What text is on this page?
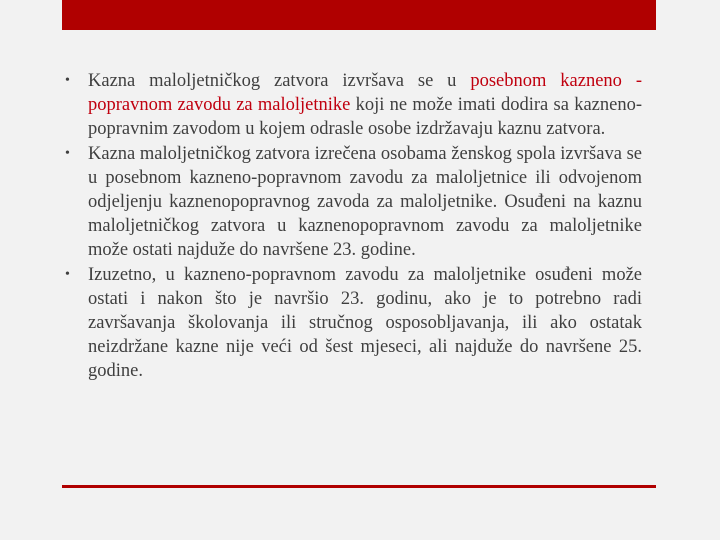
• Kazna maloljetničkog zatvora izvršava se u posebnom kazneno -popravnom zavodu za maloljetnike koji ne može imati dodira sa kazneno-popravnim zavodom u kojem odrasle osobe izdržavaju kaznu zatvora.
• Kazna maloljetničkog zatvora izrečena osobama ženskog spola izvršava se u posebnom kazneno-popravnom zavodu za maloljetnice ili odvojenom odjeljenju kaznenopopravnog zavoda za maloljetnike. Osuđeni na kaznu maloljetničkog zatvora u kaznenopopravnom zavodu za maloljetnike može ostati najduže do navršene 23. godine.
• Izuzetno, u kazneno-popravnom zavodu za maloljetnike osuđeni može ostati i nakon što je navršio 23. godinu, ako je to potrebno radi završavanja školovanja ili stručnog osposobljavanja, ili ako ostatak neizdržane kazne nije veći od šest mjeseci, ali najduže do navršene 25. godine.
